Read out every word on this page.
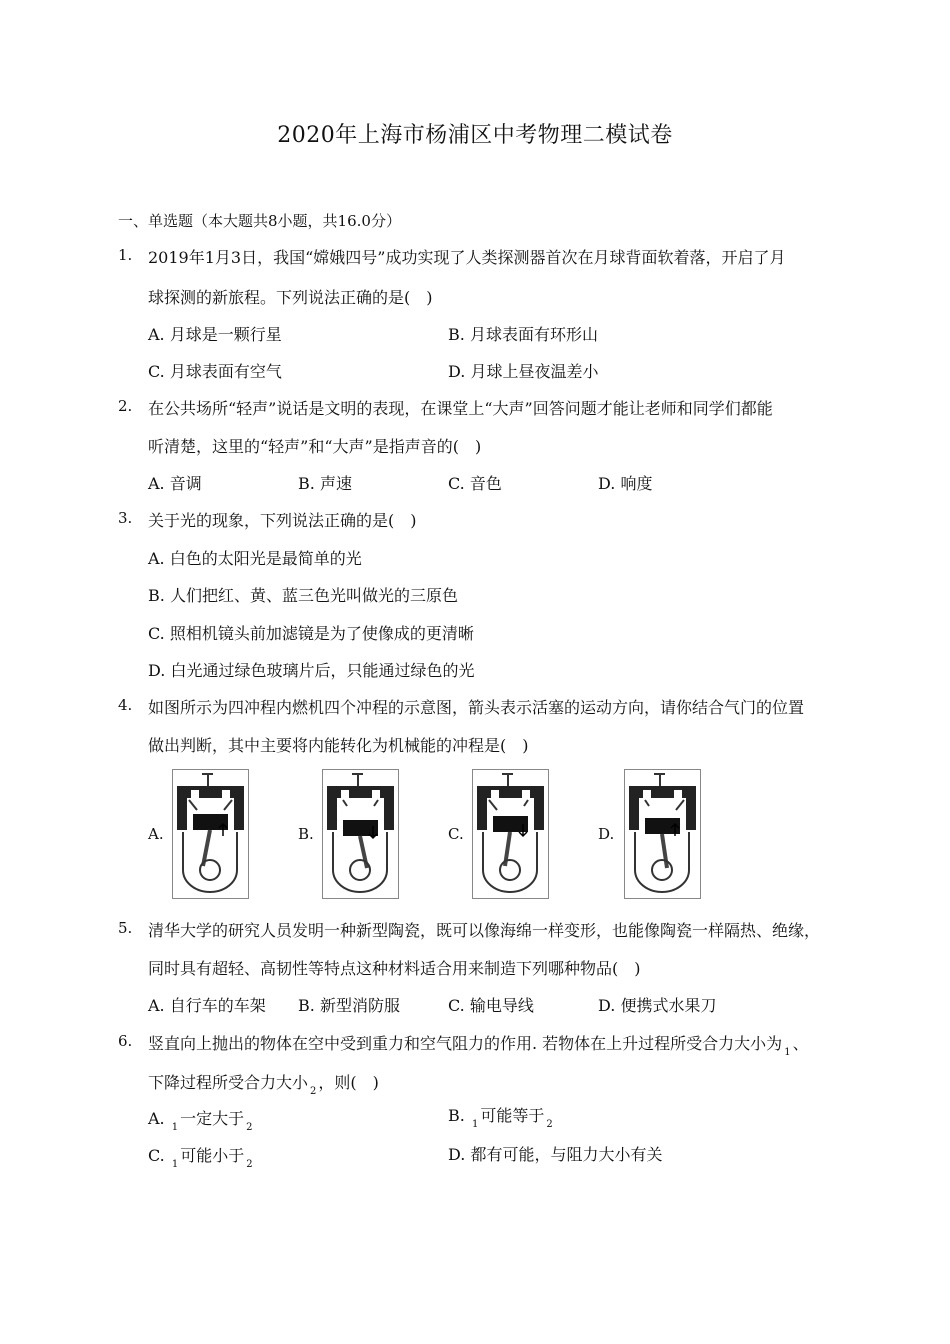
2020年上海市杨浦区中考物理二模试卷
一、单选题（本大题共8小题，共16.0分）
1. 2019年1月3日，我国“嫦娥四号”成功实现了人类探测器首次在月球背面软着落，开启了月
球探测的新旅程。下列说法正确的是(　)
A. 月球是一颗行星	B. 月球表面有环形山
C. 月球表面有空气	D. 月球上昼夜温差小
2. 在公共场所“轻声”说话是文明的表现，在课堂上“大声”回答问题才能让老师和同学们都能
听清楚，这里的“轻声”和“大声”是指声音的(　)
A. 音调	B. 声速	C. 音色	D. 响度
3. 关于光的现象，下列说法正确的是(　)
A. 白色的太阳光是最简单的光
B. 人们把红、黄、蓝三色光叫做光的三原色
C. 照相机镜头前加滤镜是为了使像成的更清晰
D. 白光通过绿色玻璃片后，只能通过绿色的光
4. 如图所示为四冲程内燃机四个冲程的示意图，箭头表示活塞的运动方向，请你结合气门的位置
做出判断，其中主要将内能转化为机械能的冲程是(　)
A.	B.	C.	D.
5. 清华大学的研究人员发明一种新型陶瓷，既可以像海绵一样变形，也能像陶瓷一样隔热、绝缘，
同时具有超轻、高韧性等特点这种材料适合用来制造下列哪种物品(　)
A. 自行车的车架 B. 新型消防服	C. 输电导线	D. 便携式水果刀
6. 竖直向上抛出的物体在空中受到重力和空气阻力的作用. 若物体在上升过程所受合力大小为 $_1$ 、
下降过程所受合力大小 $_2$ ，则(　)
A. $_1$ 一定大于 $_2$
B. $_1$ 可能等于 $_2$
C. $_1$ 可能小于 $_2$
D. 都有可能，与阻力大小有关
